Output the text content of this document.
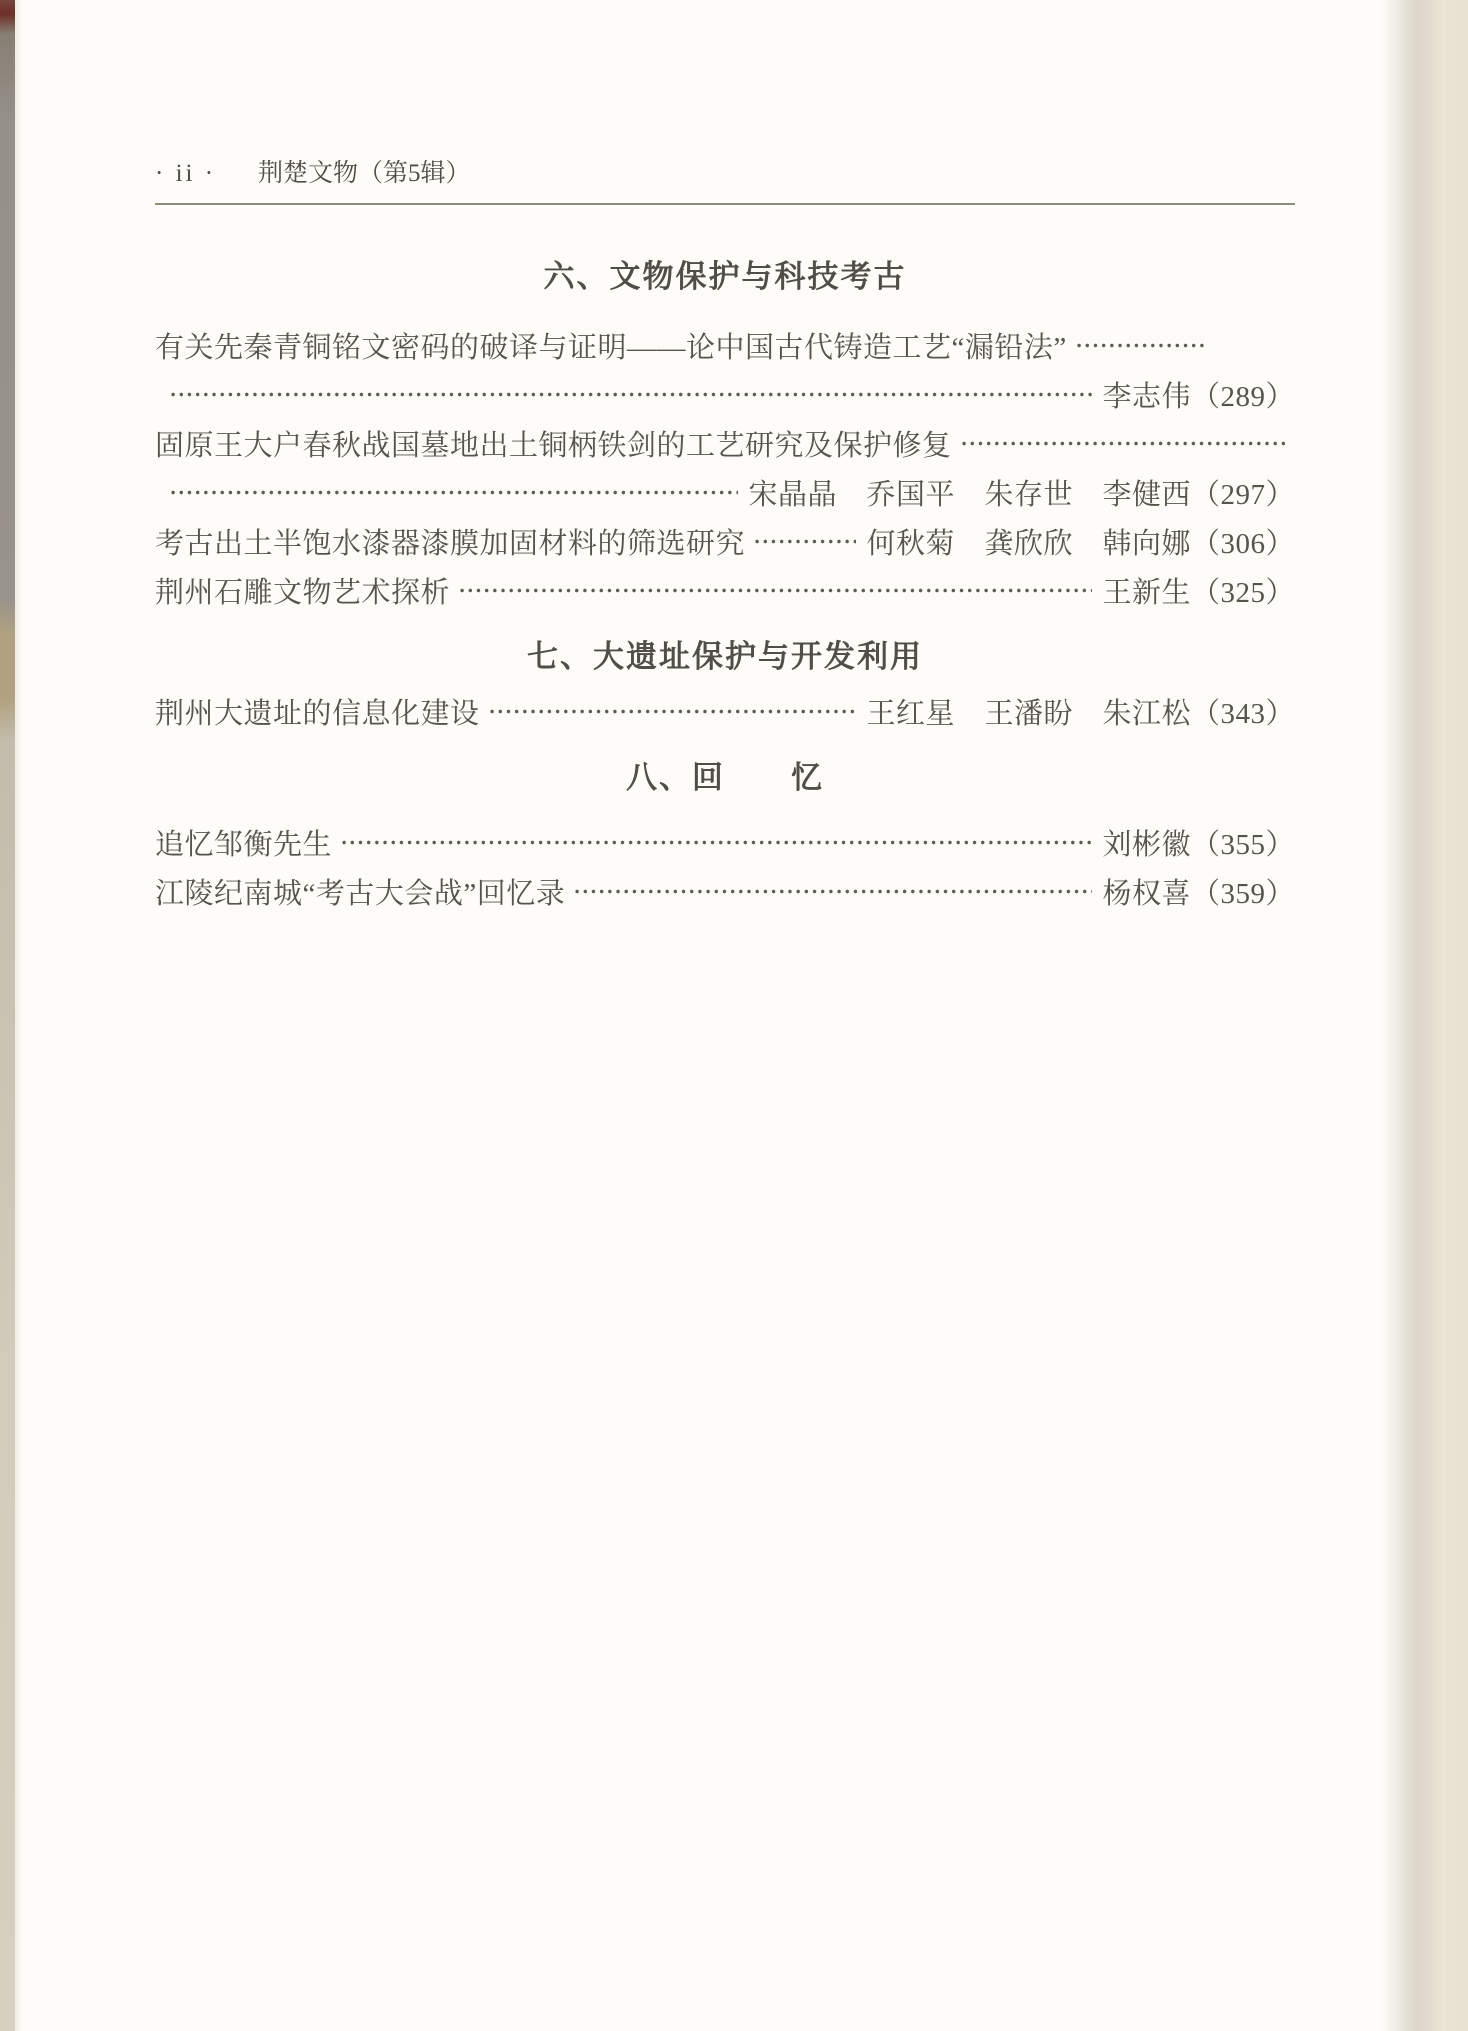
· ii · 荆楚文物（第5辑）
六、文物保护与科技考古
有关先秦青铜铭文密码的破译与证明——论中国古代铸造工艺“漏铅法”
李志伟（289）
固原王大户春秋战国墓地出土铜柄铁剑的工艺研究及保护修复
宋晶晶　乔国平　朱存世　李健西（297）
考古出土半饱水漆器漆膜加固材料的筛选研究	何秋菊　龚欣欣　韩向娜（306）
荆州石雕文物艺术探析	王新生（325）
七、大遗址保护与开发利用
荆州大遗址的信息化建设	王红星　王潘盼　朱江松（343）
八、回　　忆
追忆邹衡先生	刘彬徽（355）
江陵纪南城“考古大会战”回忆录	杨权喜（359）
